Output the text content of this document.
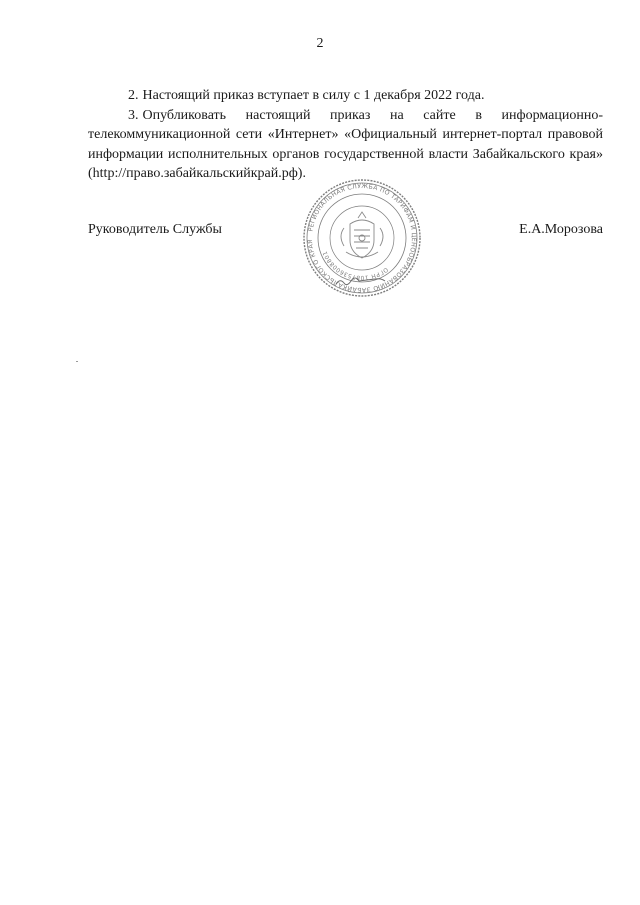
2

2. Настоящий приказ вступает в силу с 1 декабря 2022 года.

3. Опубликовать настоящий приказ на сайте в информационно-телекоммуникационной сети «Интернет» «Официальный интернет-портал правовой информации исполнительных органов государственной власти Забайкальского края» (http://право.забайкальскийкрай.рф).

Руководитель Службы	Е.А.Морозова
РЕГИОНАЛЬНАЯ СЛУЖБА ПО ТАРИФАМ И ЦЕНООБРАЗОВАНИЮ ЗАБАЙКАЛЬСКОГО КРАЯ
ОГРН 1087536008801
